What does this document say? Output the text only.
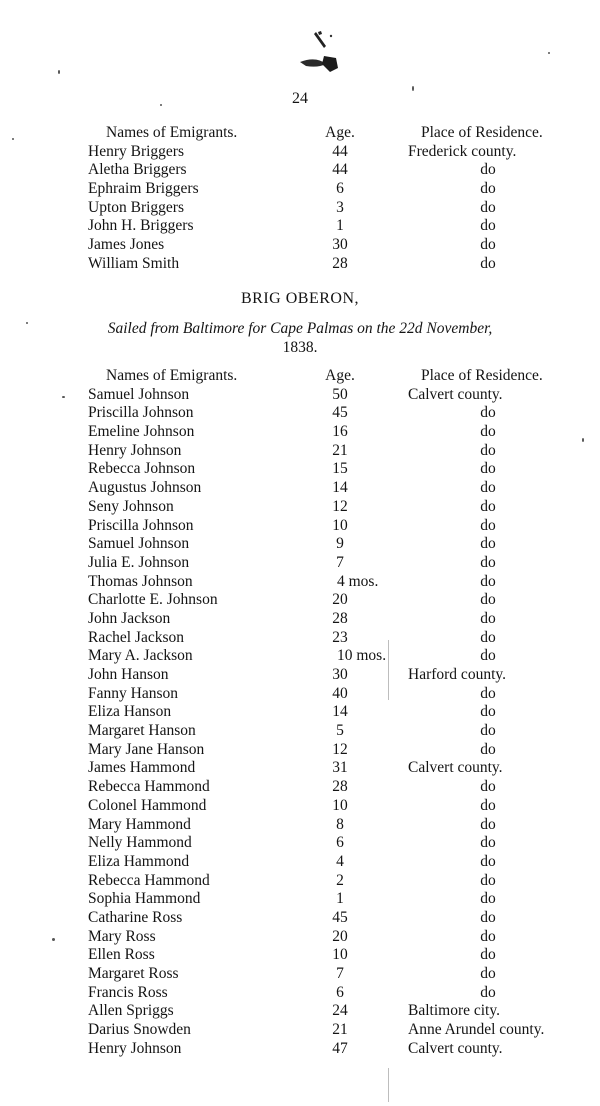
24
Names of Emigrants.	Age.	Place of Residence.
Henry Briggers	44	Frederick county.
Aletha Briggers	44	do
Ephraim Briggers	6	do
Upton Briggers	3	do
John H. Briggers	1	do
James Jones	30	do
William Smith	28	do
BRIG OBERON,
Sailed from Baltimore for Cape Palmas on the 22d November,
1838.
Names of Emigrants.	Age.	Place of Residence.
Samuel Johnson	50	Calvert county.
Priscilla Johnson	45	do
Emeline Johnson	16	do
Henry Johnson	21	do
Rebecca Johnson	15	do
Augustus Johnson	14	do
Seny Johnson	12	do
Priscilla Johnson	10	do
Samuel Johnson	9	do
Julia E. Johnson	7	do
Thomas Johnson	4 mos.	do
Charlotte E. Johnson	20	do
John Jackson	28	do
Rachel Jackson	23	do
Mary A. Jackson	10 mos.	do
John Hanson	30	Harford county.
Fanny Hanson	40	do
Eliza Hanson	14	do
Margaret Hanson	5	do
Mary Jane Hanson	12	do
James Hammond	31	Calvert county.
Rebecca Hammond	28	do
Colonel Hammond	10	do
Mary Hammond	8	do
Nelly Hammond	6	do
Eliza Hammond	4	do
Rebecca Hammond	2	do
Sophia Hammond	1	do
Catharine Ross	45	do
Mary Ross	20	do
Ellen Ross	10	do
Margaret Ross	7	do
Francis Ross	6	do
Allen Spriggs	24	Baltimore city.
Darius Snowden	21	Anne Arundel county.
Henry Johnson	47	Calvert county.
